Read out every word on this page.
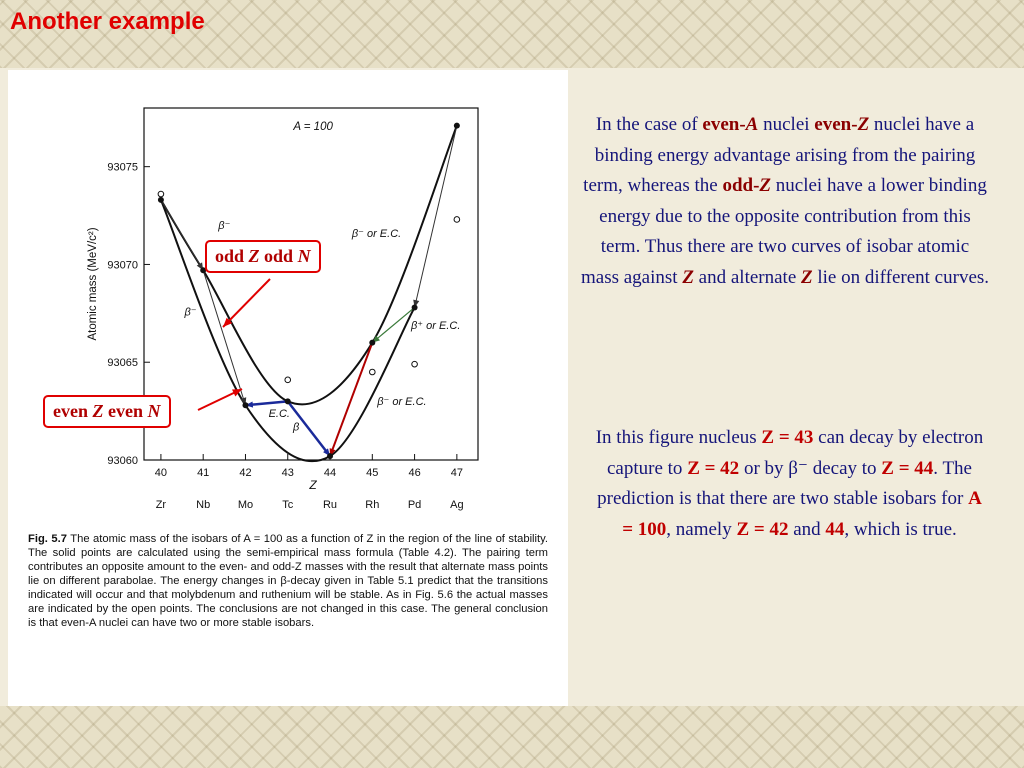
Another example
40
Zr
41
Nb
42
Mo
43
Tc
44
Ru
45
Rh
46
Pd
47
Ag
93060
93065
93070
93075
Z
Atomic mass (MeV/c²)
A = 100
β⁻
β⁻ or E.C.
β⁻
β⁺ or E.C.
β⁻ or E.C.
E.C.
β

Fig. 5.7 The atomic mass of the isobars of A = 100 as a function of Z in the region of the line of stability. The solid points are calculated using the semi-empirical mass formula (Table 4.2). The pairing term contributes an opposite amount to the even- and odd-Z masses with the result that alternate mass points lie on different parabolae. The energy changes in β-decay given in Table 5.1 predict that the transitions indicated will occur and that molybdenum and ruthenium will be stable. As in Fig. 5.6 the actual masses are indicated by the open points. The conclusions are not changed in this case. The general conclusion is that even-A nuclei can have two or more stable isobars.

odd Z odd N
even Z even N

In the case of even-A nuclei even-Z nuclei have a binding energy advantage arising from the pairing term, whereas the odd-Z nuclei have a lower binding energy due to the opposite contribution from this term. Thus there are two curves of isobar atomic mass against Z and alternate Z lie on different curves.

In this figure nucleus Z = 43 can decay by electron capture to Z = 42 or by β⁻ decay to Z = 44. The prediction is that there are two stable isobars for A = 100, namely Z = 42 and 44, which is true.
